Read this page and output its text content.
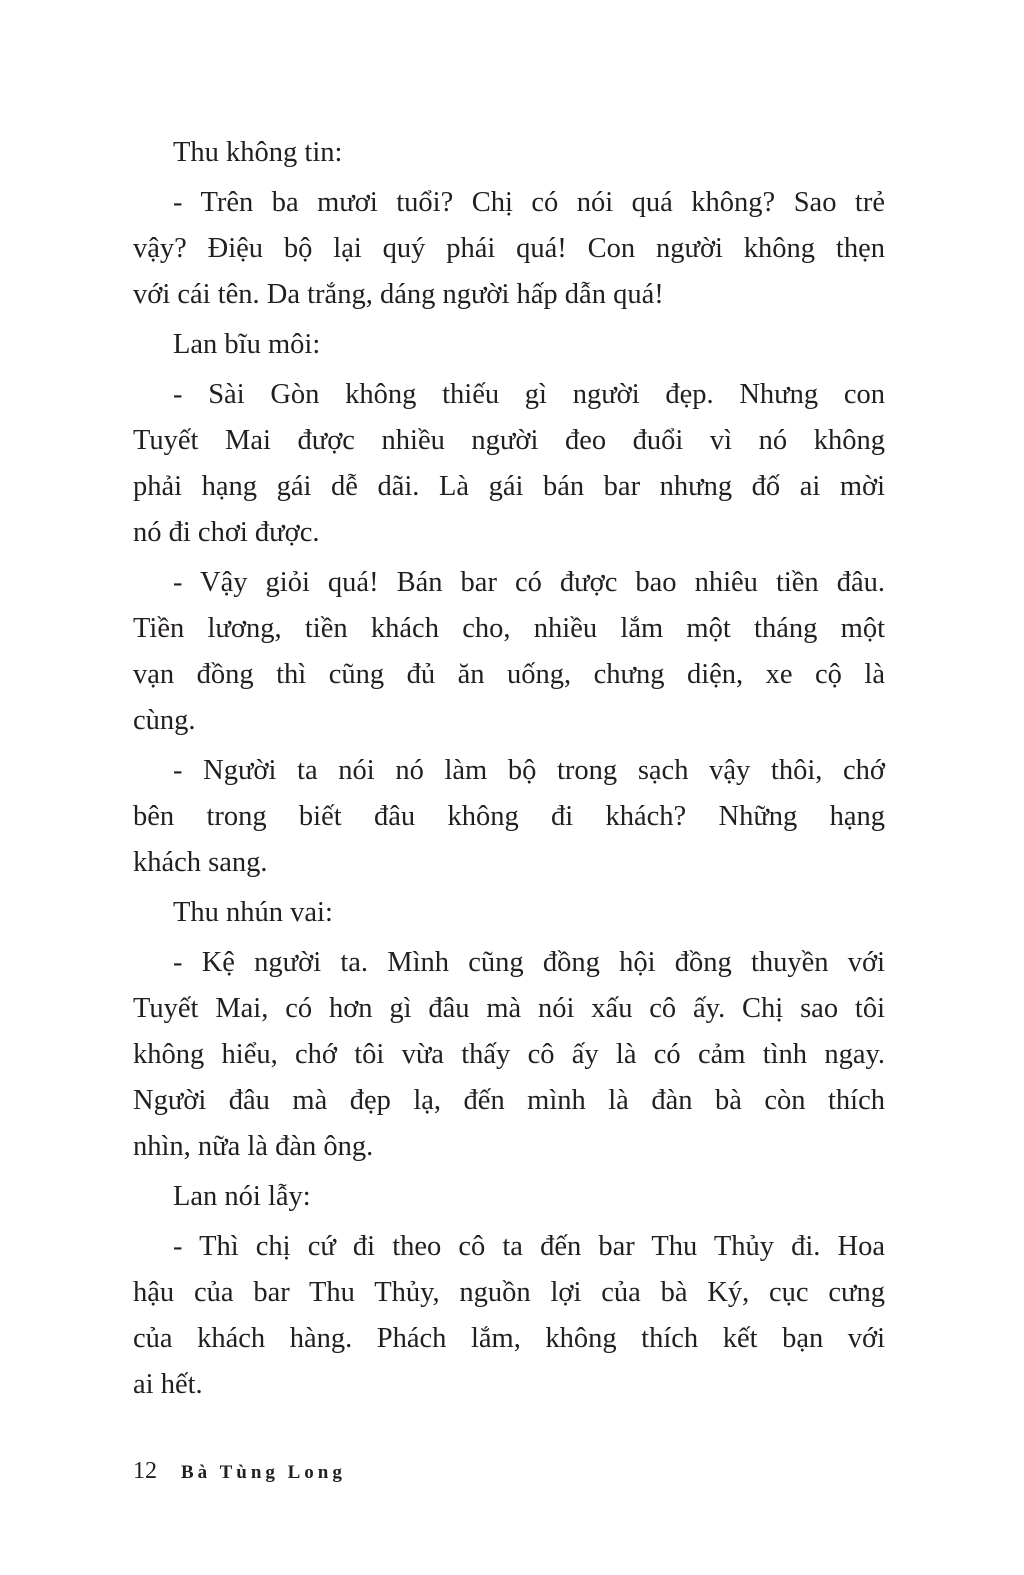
Thu không tin:
- Trên ba mươi tuổi? Chị có nói quá không? Sao trẻ
vậy? Điệu bộ lại quý phái quá! Con người không thẹn
với cái tên. Da trắng, dáng người hấp dẫn quá!
Lan bĩu môi:
- Sài Gòn không thiếu gì người đẹp. Nhưng con
Tuyết Mai được nhiều người đeo đuổi vì nó không
phải hạng gái dễ dãi. Là gái bán bar nhưng đố ai mời
nó đi chơi được.
- Vậy giỏi quá! Bán bar có được bao nhiêu tiền đâu.
Tiền lương, tiền khách cho, nhiều lắm một tháng một
vạn đồng thì cũng đủ ăn uống, chưng diện, xe cộ là
cùng.
- Người ta nói nó làm bộ trong sạch vậy thôi, chớ
bên trong biết đâu không đi khách? Những hạng
khách sang.
Thu nhún vai:
- Kệ người ta. Mình cũng đồng hội đồng thuyền với
Tuyết Mai, có hơn gì đâu mà nói xấu cô ấy. Chị sao tôi
không hiểu, chớ tôi vừa thấy cô ấy là có cảm tình ngay.
Người đâu mà đẹp lạ, đến mình là đàn bà còn thích
nhìn, nữa là đàn ông.
Lan nói lẫy:
- Thì chị cứ đi theo cô ta đến bar Thu Thủy đi. Hoa
hậu của bar Thu Thủy, nguồn lợi của bà Ký, cục cưng
của khách hàng. Phách lắm, không thích kết bạn với
ai hết.
12 Bà Tùng Long
